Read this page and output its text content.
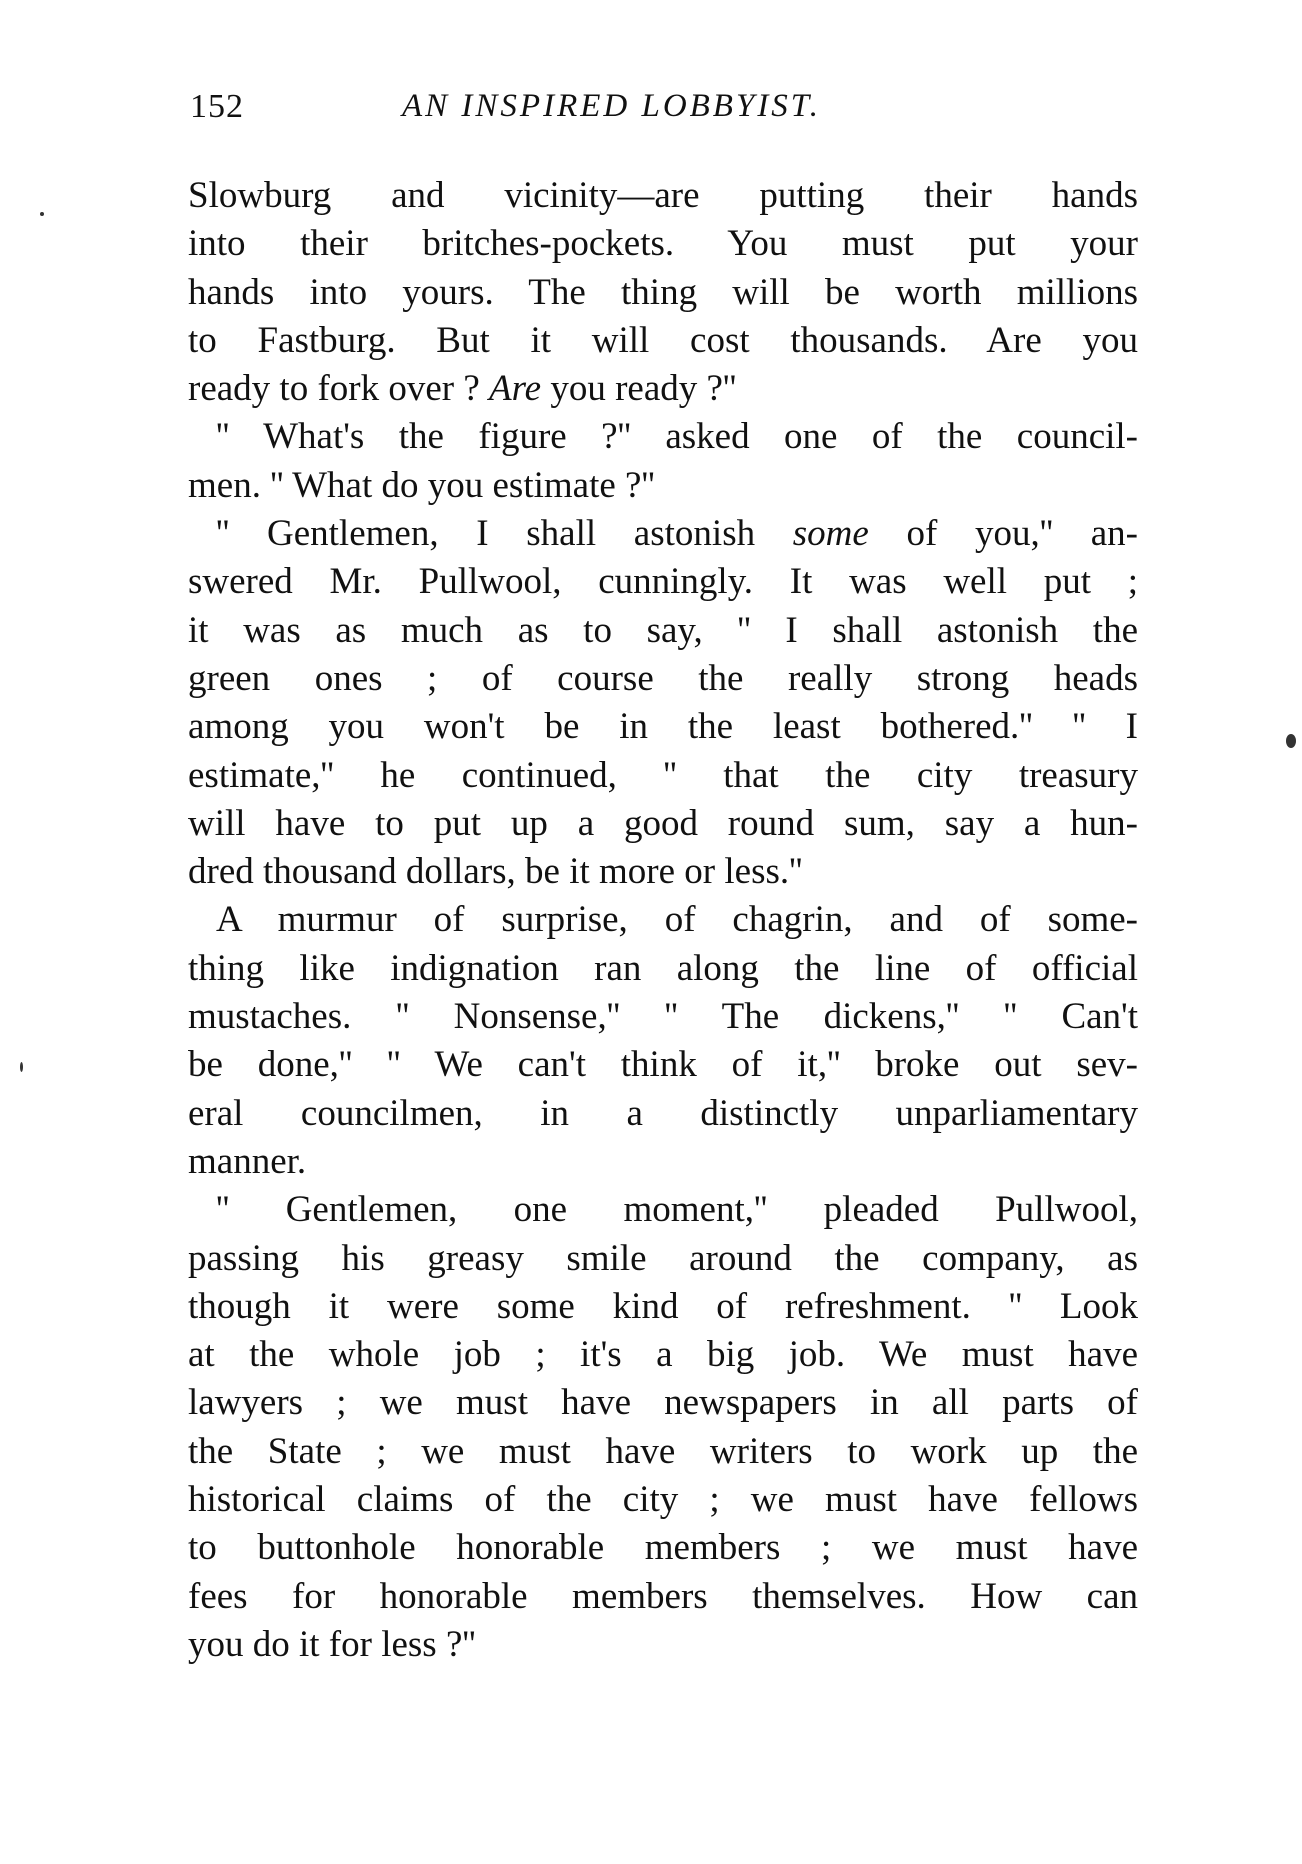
152	AN INSPIRED LOBBYIST.
Slowburg and vicinity—are putting their hands
into their britches-pockets. You must put your
hands into yours. The thing will be worth millions
to Fastburg. But it will cost thousands. Are you
ready to fork over ? Are you ready ?''
'' What's the figure ?'' asked one of the council-
men. '' What do you estimate ?''
'' Gentlemen, I shall astonish some of you,'' an-
swered Mr. Pullwool, cunningly. It was well put ;
it was as much as to say, '' I shall astonish the
green ones ; of course the really strong heads
among you won't be in the least bothered.'' '' I
estimate,'' he continued, '' that the city treasury
will have to put up a good round sum, say a hun-
dred thousand dollars, be it more or less.''
A murmur of surprise, of chagrin, and of some-
thing like indignation ran along the line of official
mustaches. '' Nonsense,'' '' The dickens,'' '' Can't
be done,'' '' We can't think of it,'' broke out sev-
eral councilmen, in a distinctly unparliamentary
manner.
'' Gentlemen, one moment,'' pleaded Pullwool,
passing his greasy smile around the company, as
though it were some kind of refreshment. '' Look
at the whole job ; it's a big job. We must have
lawyers ; we must have newspapers in all parts of
the State ; we must have writers to work up the
historical claims of the city ; we must have fellows
to buttonhole honorable members ; we must have
fees for honorable members themselves. How can
you do it for less ?''
